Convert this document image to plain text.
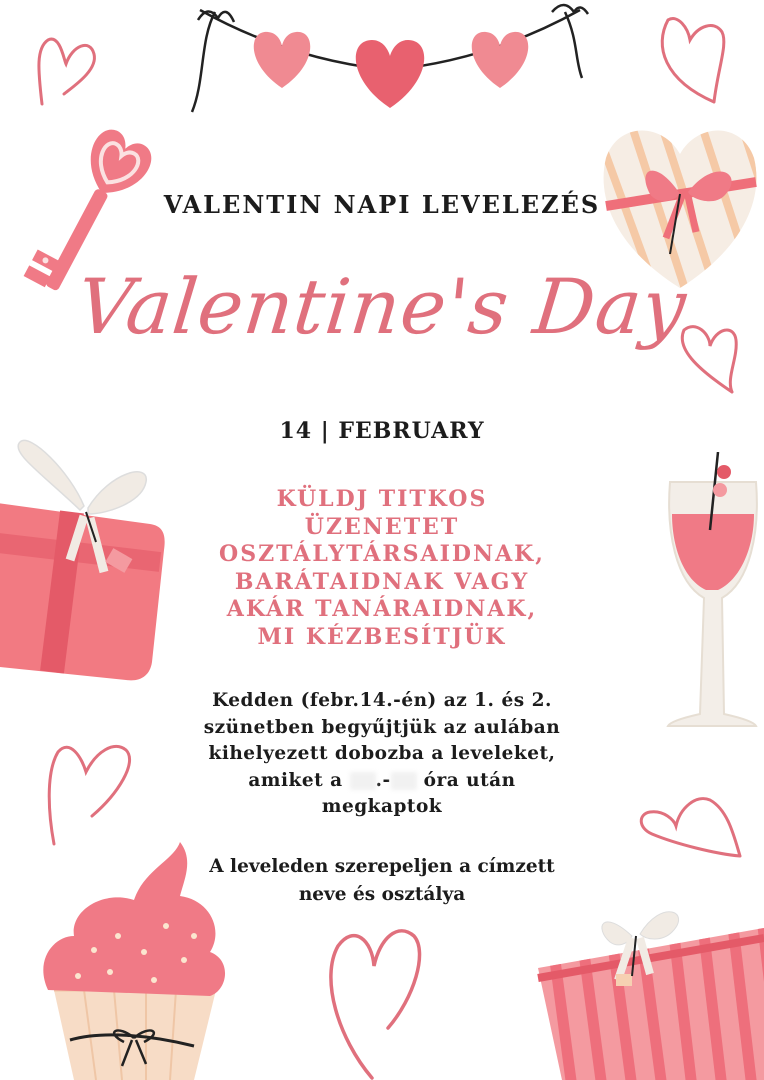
VALENTIN NAPI LEVELEZÉS
Valentine's Day
14 | FEBRUARY
KÜLDJ TITKOS
ÜZENETET
OSZTÁLYTÁRSAIDNAK,
BARÁTAIDNAK VAGY
AKÁR TANÁRAIDNAK,
MI KÉZBESÍTJÜK
Kedden (febr.14.-én) az 1. és 2.
szünetben begyűjtjük az aulában
kihelyezett dobozba a leveleket,
amiket a .- óra után
megkaptok
A leveleden szerepeljen a címzett
neve és osztálya
